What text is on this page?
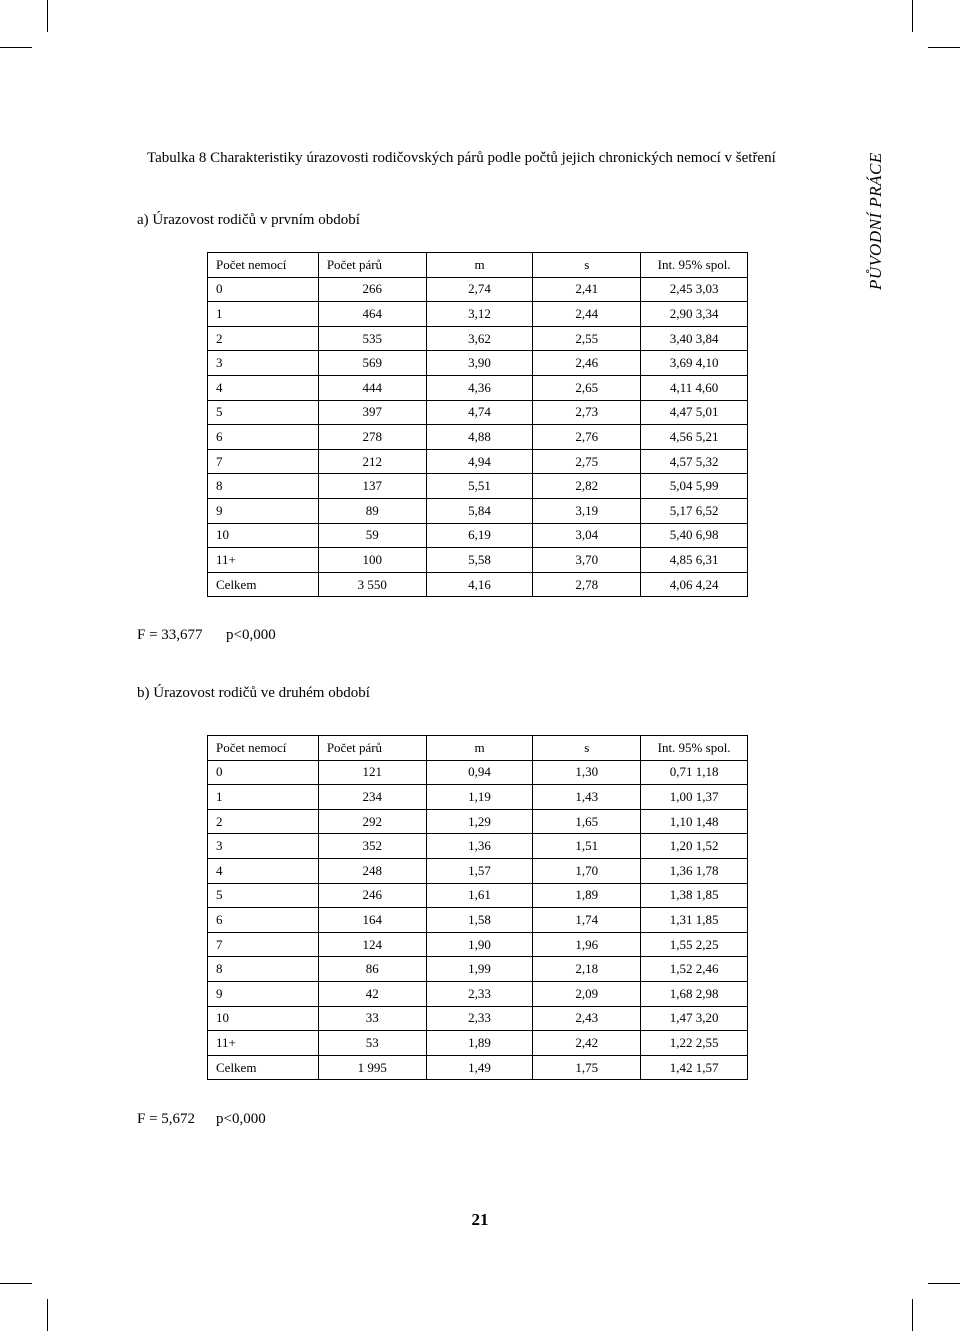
Tabulka 8 Charakteristiky úrazovosti rodičovských párů podle počtů jejich chronických nemocí v šetření	PŮVODNÍ PRÁCE
a) Úrazovost rodičů v prvním období
Počet nemocí	Počet párů	m	s	Int. 95% spol.
0	266	2,74	2,41	2,45 3,03
1	464	3,12	2,44	2,90 3,34
2	535	3,62	2,55	3,40 3,84
3	569	3,90	2,46	3,69 4,10
4	444	4,36	2,65	4,11 4,60
5	397	4,74	2,73	4,47 5,01
6	278	4,88	2,76	4,56 5,21
7	212	4,94	2,75	4,57 5,32
8	137	5,51	2,82	5,04 5,99
9	89	5,84	3,19	5,17 6,52
10	59	6,19	3,04	5,40 6,98
11+	100	5,58	3,70	4,85 6,31
Celkem	3 550	4,16	2,78	4,06 4,24
F = 33,677 p<0,000
b) Úrazovost rodičů ve druhém období
Počet nemocí	Počet párů	m	s	Int. 95% spol.
0	121	0,94	1,30	0,71 1,18
1	234	1,19	1,43	1,00 1,37
2	292	1,29	1,65	1,10 1,48
3	352	1,36	1,51	1,20 1,52
4	248	1,57	1,70	1,36 1,78
5	246	1,61	1,89	1,38 1,85
6	164	1,58	1,74	1,31 1,85
7	124	1,90	1,96	1,55 2,25
8	86	1,99	2,18	1,52 2,46
9	42	2,33	2,09	1,68 2,98
10	33	2,33	2,43	1,47 3,20
11+	53	1,89	2,42	1,22 2,55
Celkem	1 995	1,49	1,75	1,42 1,57
F = 5,672 p<0,000
21
